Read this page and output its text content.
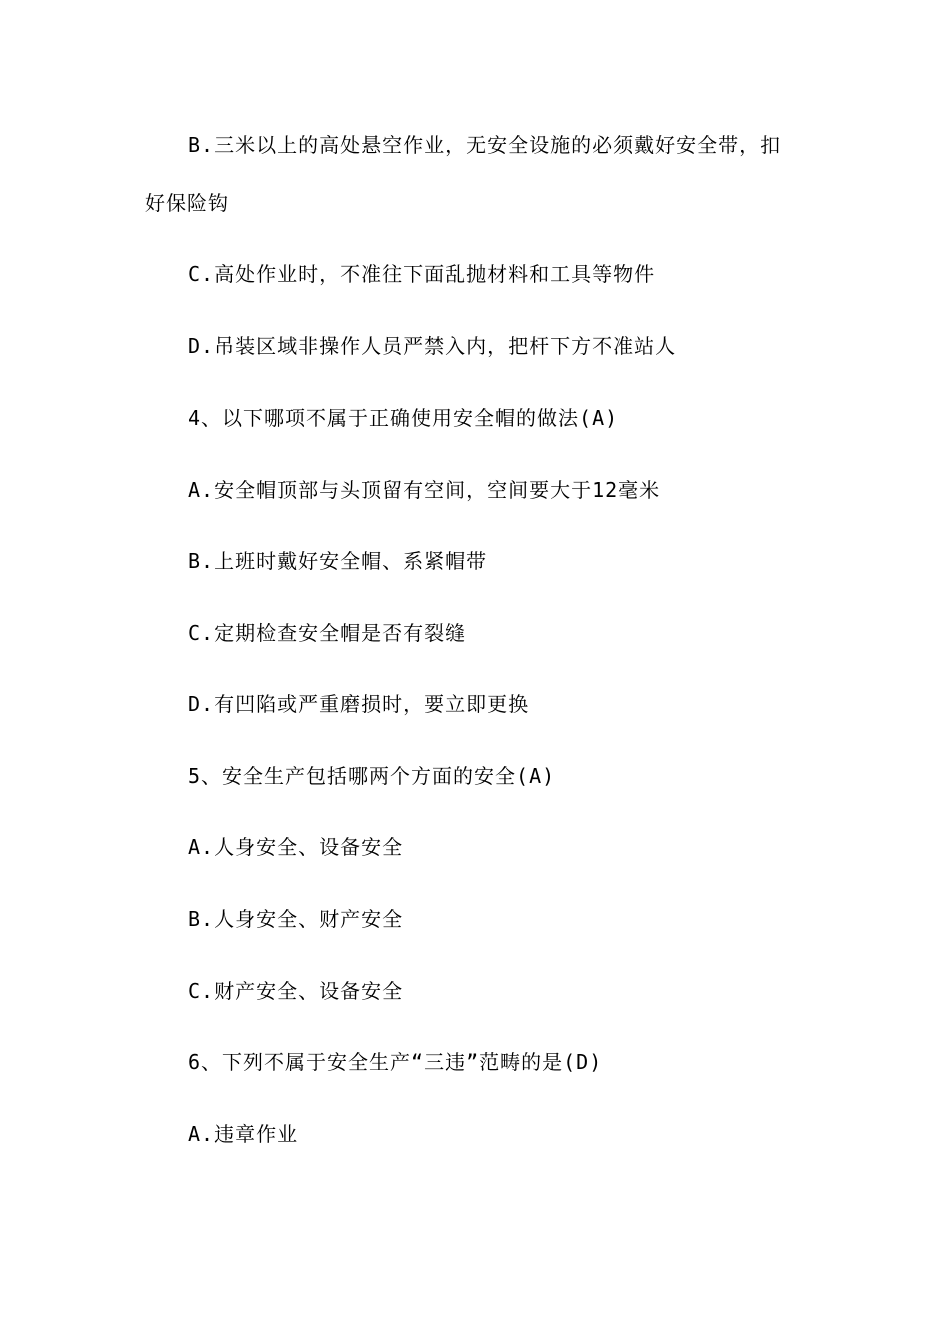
B.三米以上的高处悬空作业，无安全设施的必须戴好安全带，扣
好保险钩
C.高处作业时，不准往下面乱抛材料和工具等物件
D.吊装区域非操作人员严禁入内，把杆下方不准站人
4、以下哪项不属于正确使用安全帽的做法(A)
A.安全帽顶部与头顶留有空间，空间要大于12毫米
B.上班时戴好安全帽、系紧帽带
C.定期检查安全帽是否有裂缝
D.有凹陷或严重磨损时，要立即更换
5、安全生产包括哪两个方面的安全(A)
A.人身安全、设备安全
B.人身安全、财产安全
C.财产安全、设备安全
6、下列不属于安全生产“三违”范畴的是(D)
A.违章作业
